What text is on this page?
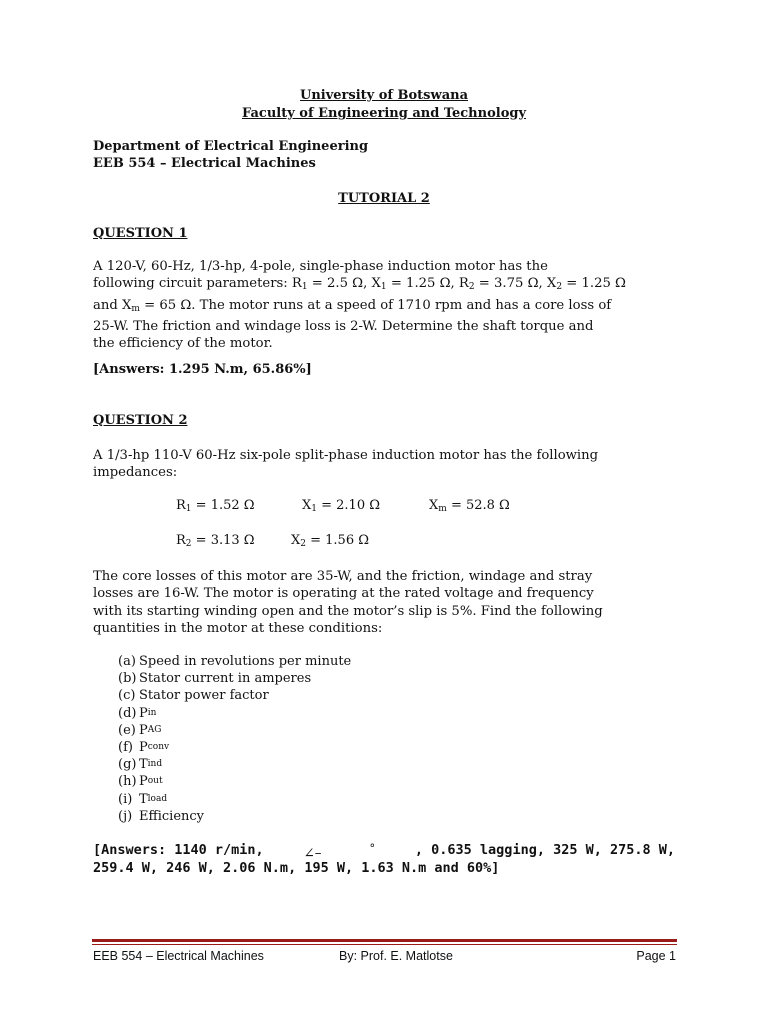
University of Botswana
Faculty of Engineering and Technology
Department of Electrical Engineering
EEB 554 – Electrical Machines
TUTORIAL 2
QUESTION 1
A 120-V, 60-Hz, 1/3-hp, 4-pole, single-phase induction motor has the
following circuit parameters: $R_1 = 2.5$ Ω, $X_1 = 1.25$ Ω, $R_2 = 3.75$ Ω, $X_2 = 1.25$ Ω
and $X_m = 65$ Ω. The motor runs at a speed of 1710 rpm and has a core loss of
25-W. The friction and windage loss is 2-W. Determine the shaft torque and
the efficiency of the motor.
[Answers: 1.295 N.m, 65.86%]
QUESTION 2
A 1/3-hp 110-V 60-Hz six-pole split-phase induction motor has the following
impedances:
$R_1 = 1.52$ Ω	$X_1 = 2.10$ Ω	$X_m = 52.8$ Ω
$R_2 = 3.13$ Ω	$X_2 = 1.56$ Ω
The core losses of this motor are 35-W, and the friction, windage and stray
losses are 16-W. The motor is operating at the rated voltage and frequency
with its starting winding open and the motor’s slip is 5%. Find the following
quantities in the motor at these conditions:
(a) Speed in revolutions per minute
(b) Stator current in amperes
(c) Stator power factor
(d) P in
(e) P AG
(f) P conv
(g) T ind
(h) P out
(i) T load
(j) Efficiency
[Answers: 1140 r/min,	∠–	°	, 0.635 lagging, 325 W, 275.8 W,
259.4 W, 246 W, 2.06 N.m, 195 W, 1.63 N.m and 60%]
EEB 554 – Electrical Machines	By: Prof. E. Matlotse	Page 1
